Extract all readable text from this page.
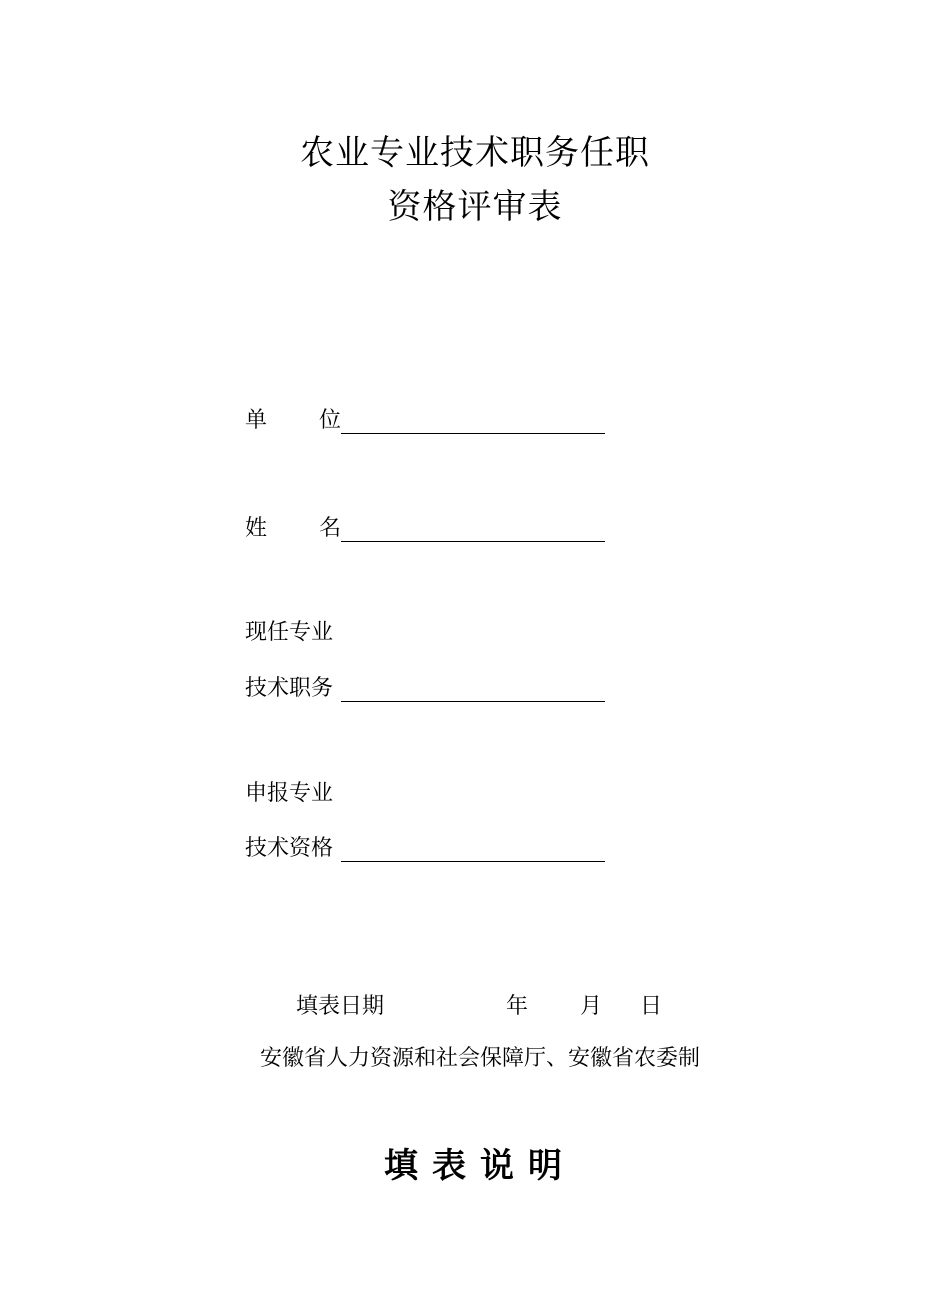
农业专业技术职务任职
资格评审表
单 位
姓 名
现任专业
技术职务
申报专业
技术资格
填表日期	年 月 日
安徽省人力资源和社会保障厅、安徽省农委制
填表说明
